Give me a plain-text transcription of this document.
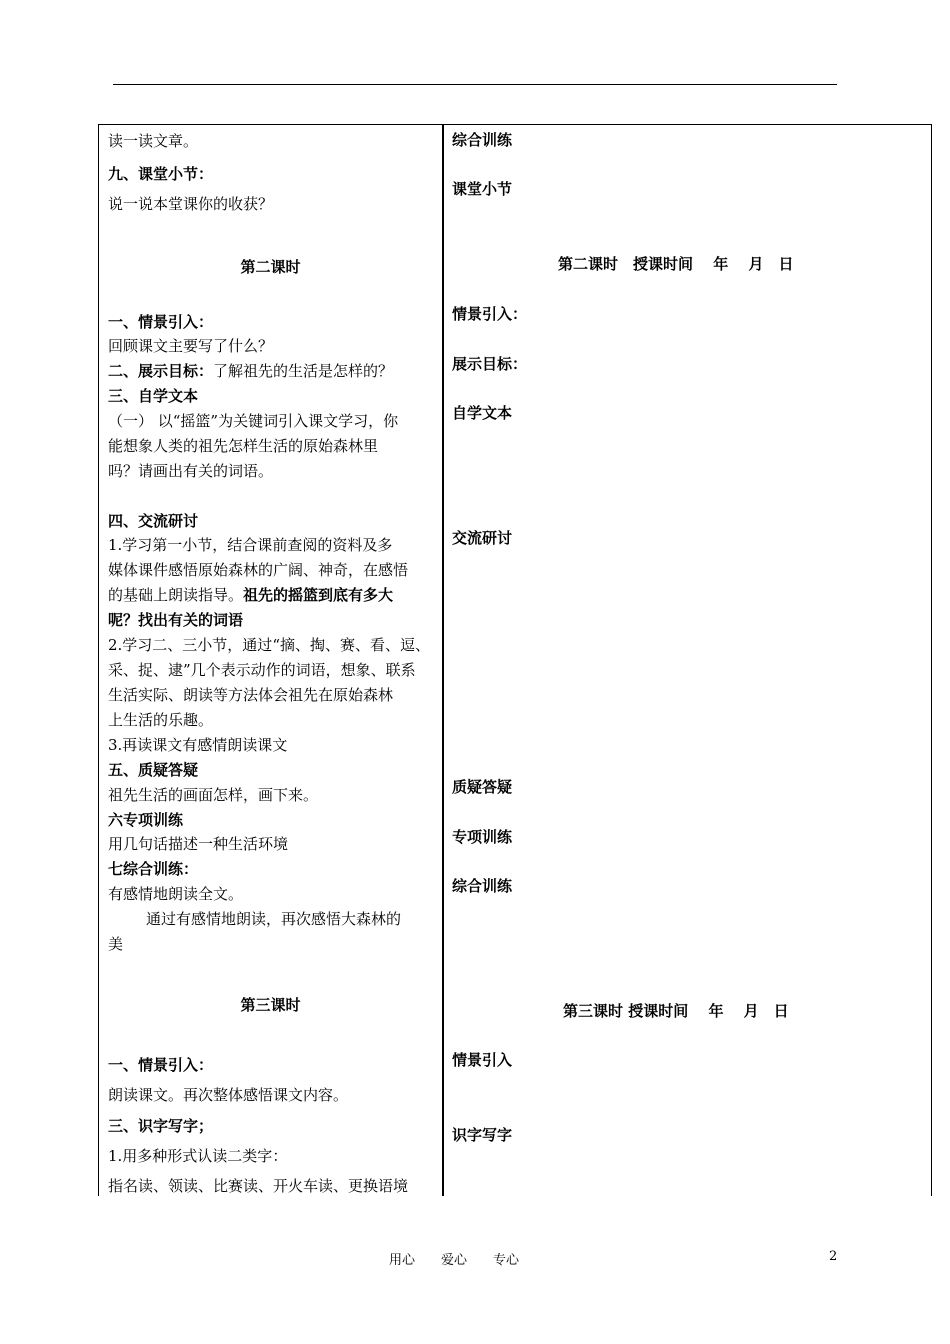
读一读文章。
九、课堂小节：
说一说本堂课你的收获？
第二课时
一、情景引入：
回顾课文主要写了什么？
二、展示目标：了解祖先的生活是怎样的？
三、自学文本
（一） 以“摇篮”为关键词引入课文学习，你
能想象人类的祖先怎样生活的原始森林里
吗？请画出有关的词语。
四、交流研讨
1.学习第一小节，结合课前查阅的资料及多
媒体课件感悟原始森林的广阔、神奇，在感悟
的基础上朗读指导。祖先的摇篮到底有多大
呢？找出有关的词语
2.学习二、三小节，通过“摘、掏、赛、看、逗、
采、捉、逮”几个表示动作的词语，想象、联系
生活实际、朗读等方法体会祖先在原始森林
上生活的乐趣。
3.再读课文有感情朗读课文
五、质疑答疑
祖先生活的画面怎样，画下来。
六专项训练
用几句话描述一种生活环境
七综合训练：
有感情地朗读全文。
通过有感情地朗读，再次感悟大森林的
美
第三课时
一、情景引入：
朗读课文。再次整体感悟课文内容。
三、识字写字；
1.用多种形式认读二类字：
指名读、领读、比赛读、开火车读、更换语境
综合训练
课堂小节
第二课时　授课时间　 年　 月　日
情景引入：
展示目标：
自学文本
交流研讨
质疑答疑
专项训练
综合训练
第三课时 授课时间　 年　 月　日
情景引入
识字写字
用心　　爱心　　专心	2
